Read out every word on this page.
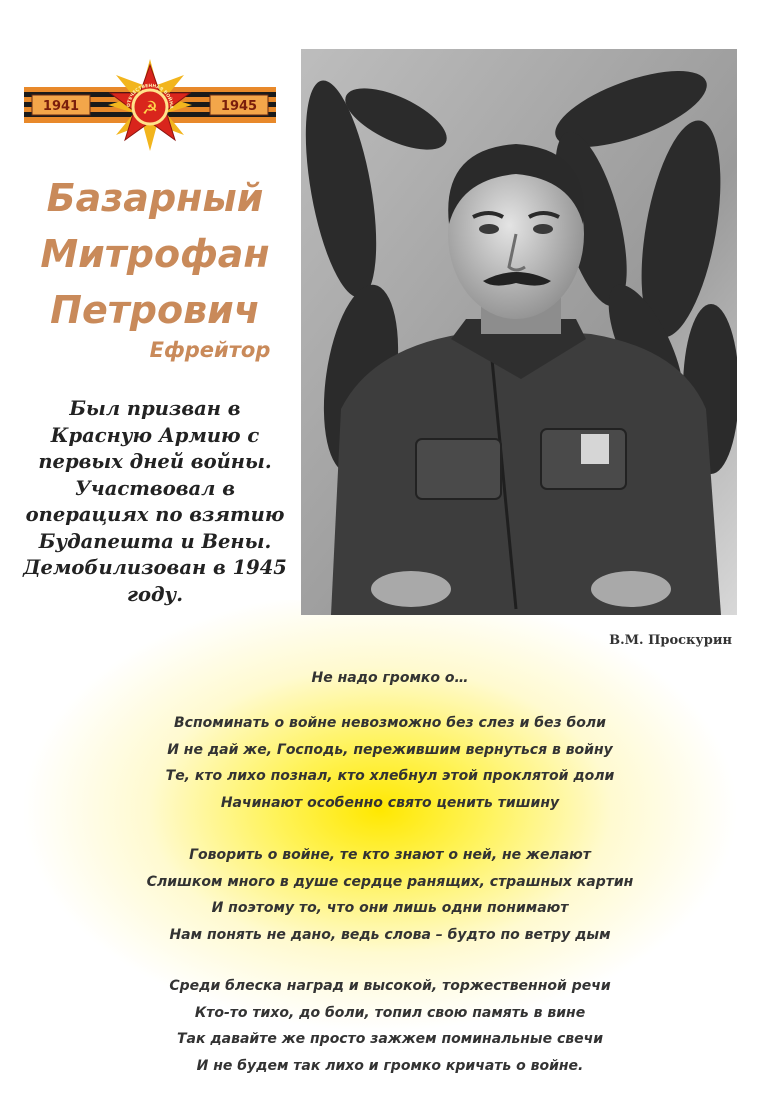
1941	1945
☭
ОТЕЧЕСТВЕННАЯ ВОЙНА
Базарный
Митрофан
Петрович
Ефрейтор
Был призван в
Красную Армию с
первых дней войны.
Участвовал в
операциях по взятию
Будапешта и Вены.
Демобилизован в 1945
году.
В.М. Проскурин
Не надо громко о…
Вспоминать о войне невозможно без слез и без боли
И не дай же, Господь, пережившим вернуться в войну
Те, кто лихо познал, кто хлебнул этой проклятой доли
Начинают особенно свято ценить тишину
Говорить о войне, те кто знают о ней, не желают
Слишком много в душе сердце ранящих, страшных картин
И поэтому то, что они лишь одни понимают
Нам понять не дано, ведь слова – будто по ветру дым
Среди блеска наград и высокой, торжественной речи
Кто-то тихо, до боли, топил свою память в вине
Так давайте же просто зажжем поминальные свечи
И не будем так лихо и громко кричать о войне.
